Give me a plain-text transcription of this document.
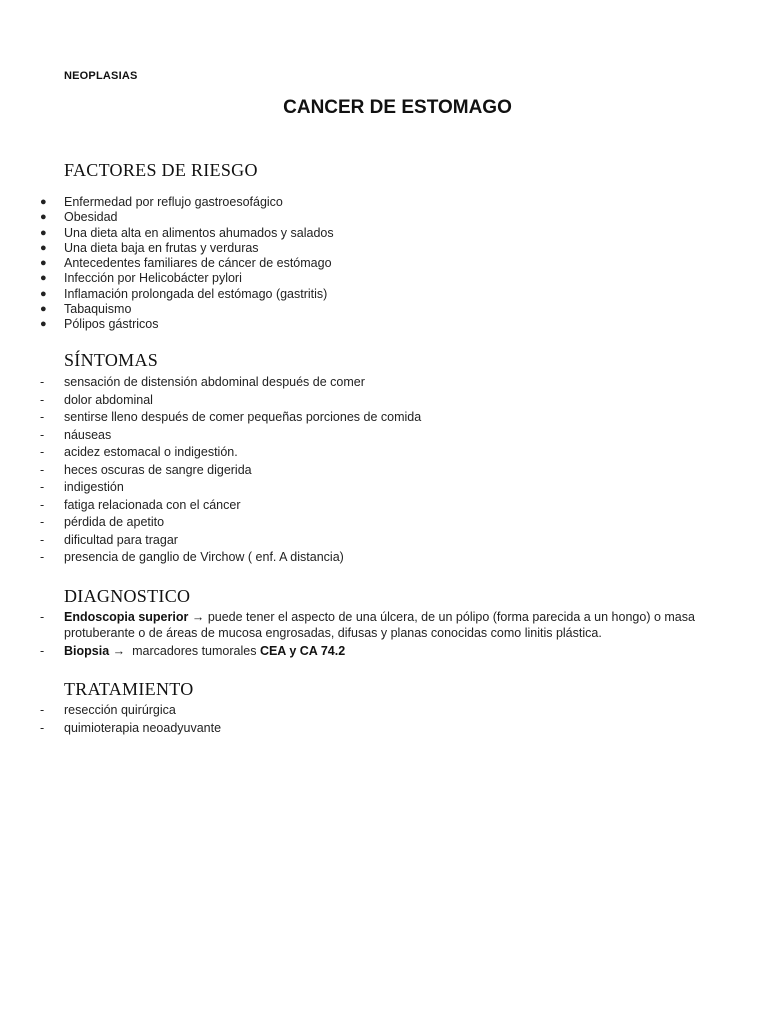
NEOPLASIAS
CANCER DE ESTOMAGO
FACTORES DE RIESGO
● Enfermedad por reflujo gastroesofágico
● Obesidad
● Una dieta alta en alimentos ahumados y salados
● Una dieta baja en frutas y verduras
● Antecedentes familiares de cáncer de estómago
● Infección por Helicobácter pylori
● Inflamación prolongada del estómago (gastritis)
● Tabaquismo
● Pólipos gástricos
SÍNTOMAS
- sensación de distensión abdominal después de comer
- dolor abdominal
- sentirse lleno después de comer pequeñas porciones de comida
- náuseas
- acidez estomacal o indigestión.
- heces oscuras de sangre digerida
- indigestión
- fatiga relacionada con el cáncer
- pérdida de apetito
- dificultad para tragar
- presencia de ganglio de Virchow ( enf. A distancia)
DIAGNOSTICO
- Endoscopia superior → puede tener el aspecto de una úlcera, de un pólipo (forma parecida a un hongo) o masa protuberante o de áreas de mucosa engrosadas, difusas y planas conocidas como linitis plástica.
- Biopsia → marcadores tumorales CEA y CA 74.2
TRATAMIENTO
- resección quirúrgica
- quimioterapia neoadyuvante
